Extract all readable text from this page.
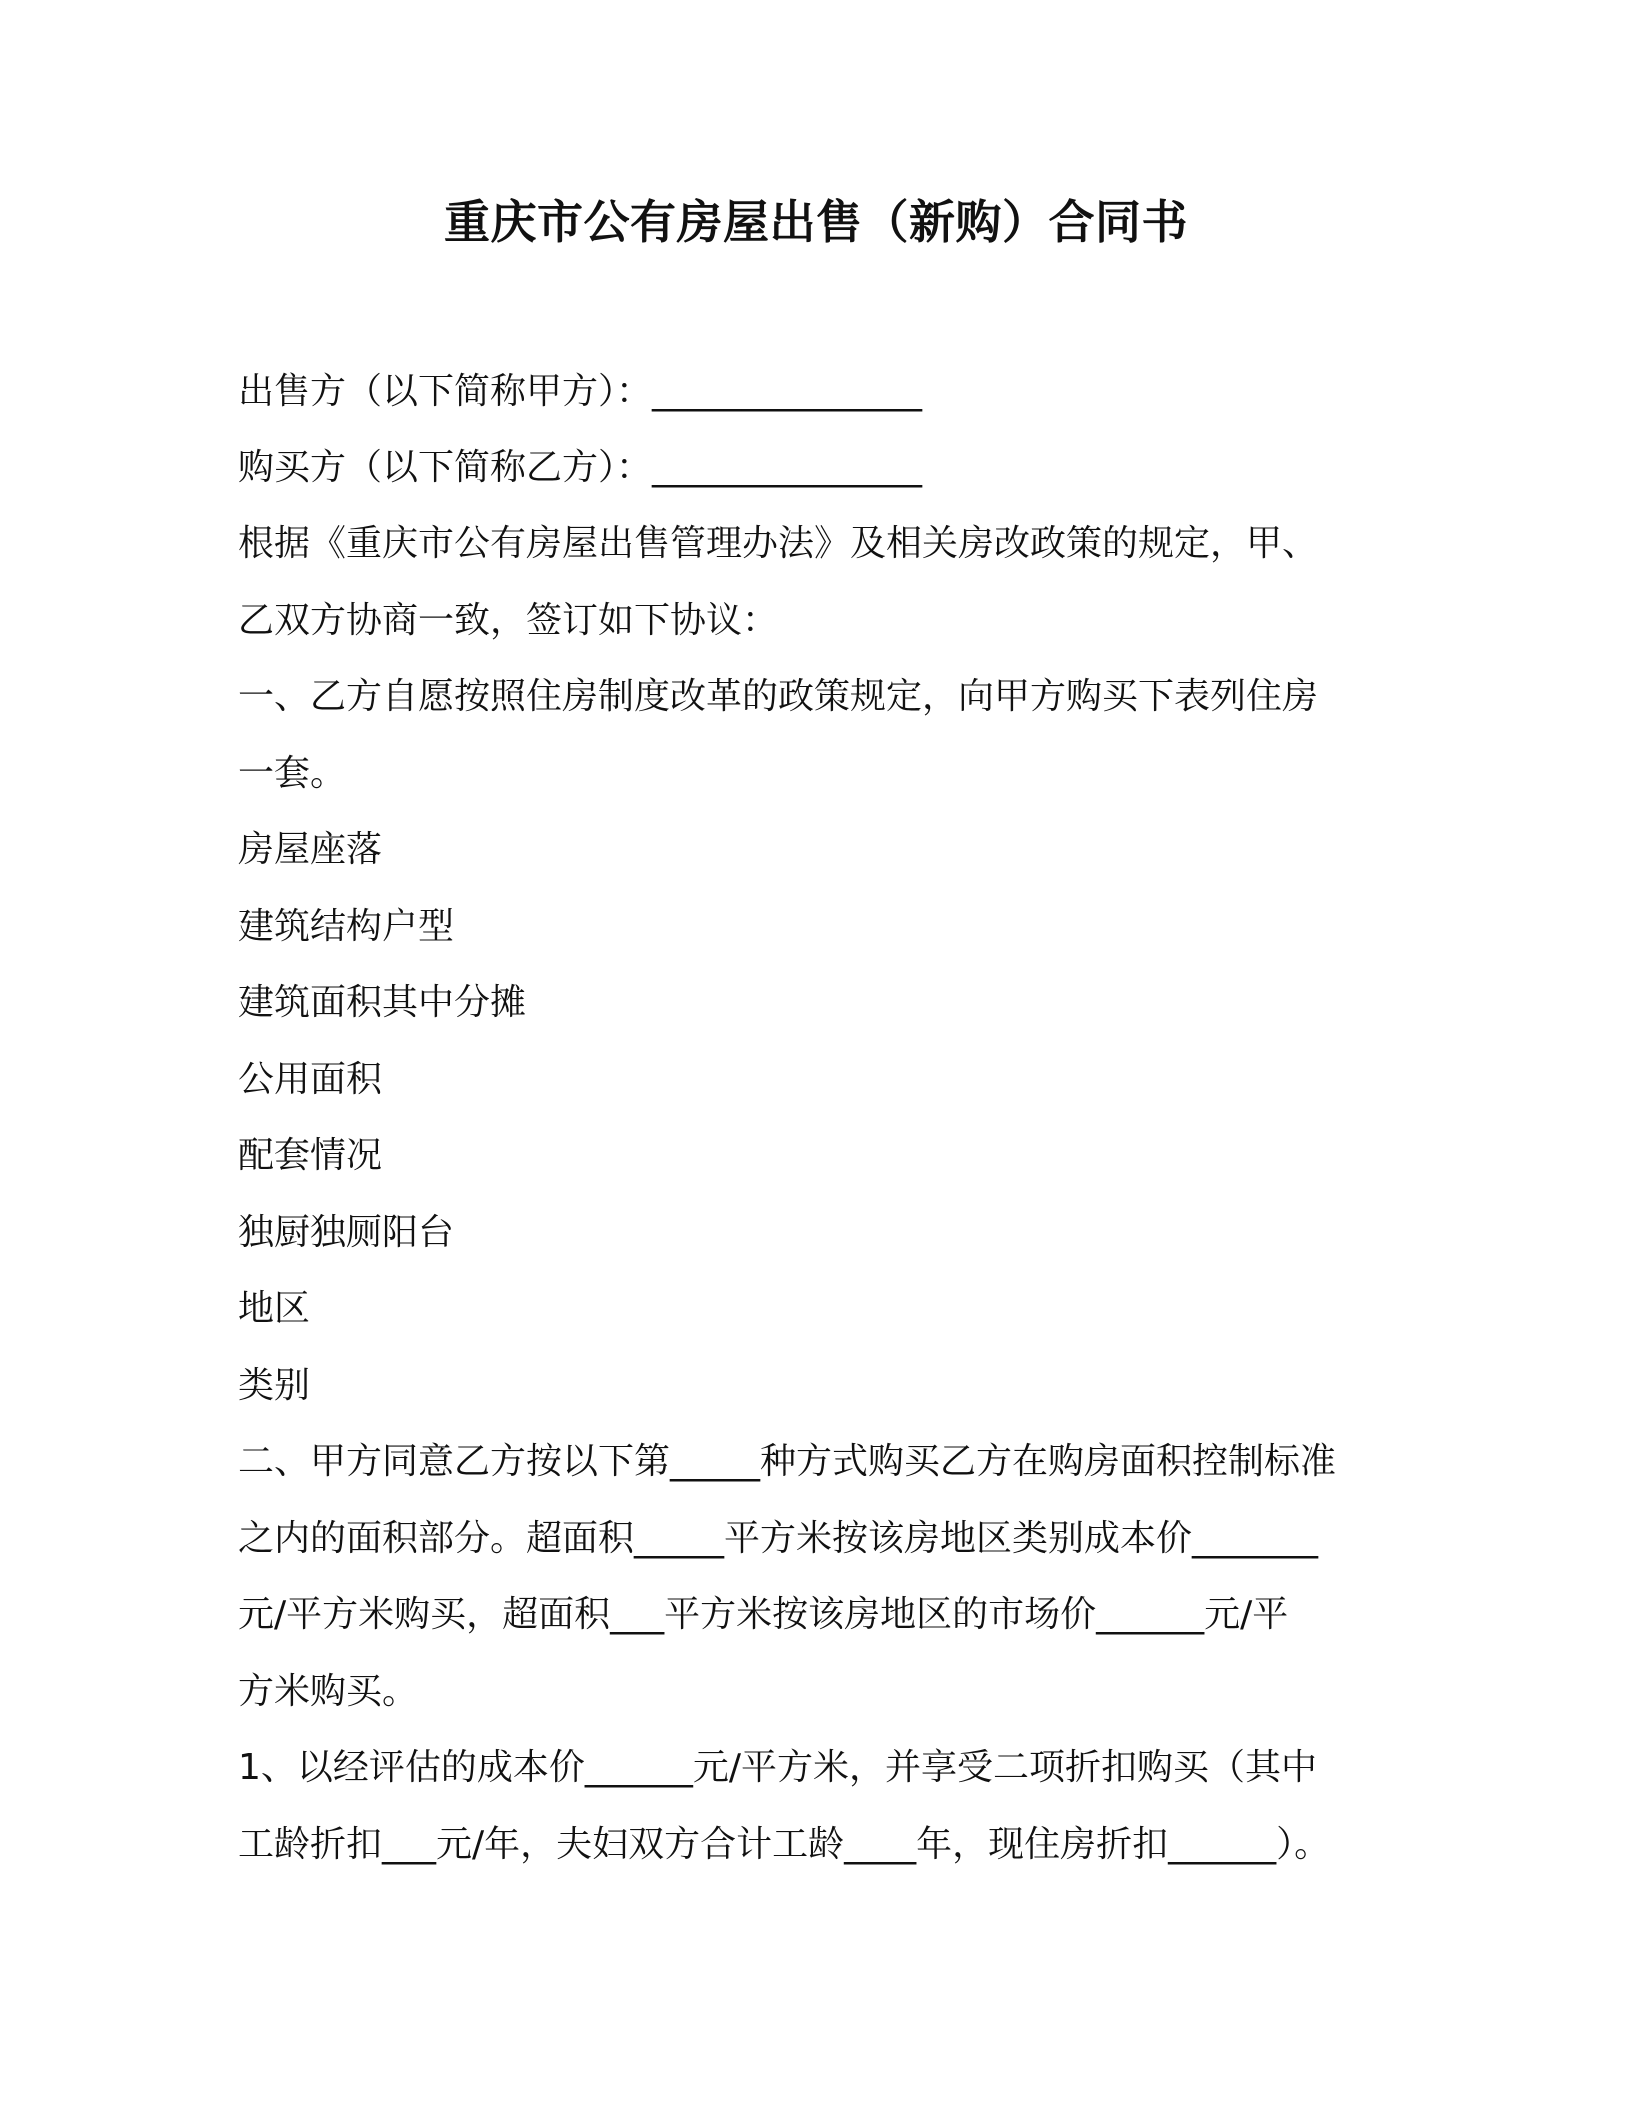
重庆市公有房屋出售（新购）合同书
出售方（以下简称甲方）：_______________
购买方（以下简称乙方）：_______________
根据《重庆市公有房屋出售管理办法》及相关房改政策的规定，甲、
乙双方协商一致，签订如下协议：
一、乙方自愿按照住房制度改革的政策规定，向甲方购买下表列住房
一套。
房屋座落
建筑结构户型
建筑面积其中分摊
公用面积
配套情况
独厨独厕阳台
地区
类别
二、甲方同意乙方按以下第_____种方式购买乙方在购房面积控制标准
之内的面积部分。超面积_____平方米按该房地区类别成本价_______
元/平方米购买，超面积___平方米按该房地区的市场价______元/平
方米购买。
1、以经评估的成本价______元/平方米，并享受二项折扣购买（其中
工龄折扣___元/年，夫妇双方合计工龄____年，现住房折扣______）。
